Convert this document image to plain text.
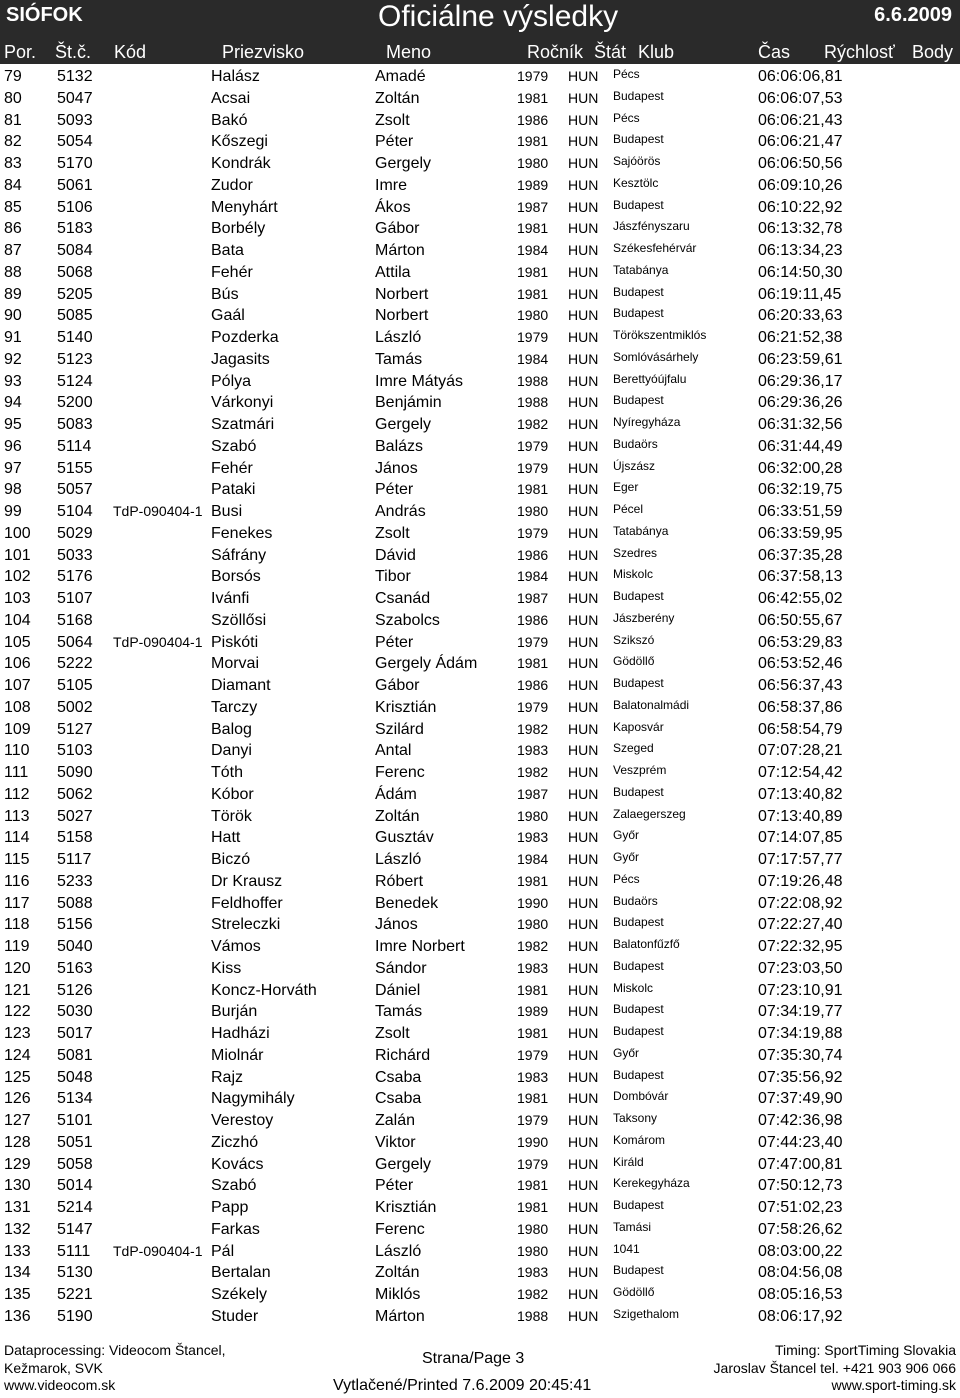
SIÓFOK	Oficiálne výsledky	6.6.2009
Por. Št.č. Kód	Priezvisko	Meno	Ročník Štát Klub	Čas Rýchlosť Body
79 5132	Halász	Amadé	1979 HUN Pécs	06:06:06,81
80 5047	Acsai	Zoltán	1981 HUN Budapest	06:06:07,53
81 5093	Bakó	Zsolt	1986 HUN Pécs	06:06:21,43
82 5054	Kőszegi	Péter	1981 HUN Budapest	06:06:21,47
83 5170	Kondrák	Gergely	1980 HUN Sajóörös	06:06:50,56
84 5061	Zudor	Imre	1989 HUN Kesztölc	06:09:10,26
85 5106	Menyhárt	Ákos	1987 HUN Budapest	06:10:22,92
86 5183	Borbély	Gábor	1981 HUN Jászfényszaru	06:13:32,78
87 5084	Bata	Márton	1984 HUN Székesfehérvár	06:13:34,23
88 5068	Fehér	Attila	1981 HUN Tatabánya	06:14:50,30
89 5205	Bús	Norbert	1981 HUN Budapest	06:19:11,45
90 5085	Gaál	Norbert	1980 HUN Budapest	06:20:33,63
91 5140	Pozderka	László	1979 HUN Törökszentmiklós	06:21:52,38
92 5123	Jagasits	Tamás	1984 HUN Somlóvásárhely	06:23:59,61
93 5124	Pólya	Imre Mátyás	1988 HUN Berettyóújfalu	06:29:36,17
94 5200	Várkonyi	Benjámin	1988 HUN Budapest	06:29:36,26
95 5083	Szatmári	Gergely	1982 HUN Nyíregyháza	06:31:32,56
96 5114	Szabó	Balázs	1979 HUN Budaörs	06:31:44,49
97 5155	Fehér	János	1979 HUN Újszász	06:32:00,28
98 5057	Pataki	Péter	1981 HUN Eger	06:32:19,75
99 5104 TdP-090404-1 Busi	András	1980 HUN Pécel	06:33:51,59
100 5029	Fenekes	Zsolt	1979 HUN Tatabánya	06:33:59,95
101 5033	Sáfrány	Dávid	1986 HUN Szedres	06:37:35,28
102 5176	Borsós	Tibor	1984 HUN Miskolc	06:37:58,13
103 5107	Ivánfi	Csanád	1987 HUN Budapest	06:42:55,02
104 5168	Szöllősi	Szabolcs	1986 HUN Jászberény	06:50:55,67
105 5064 TdP-090404-1 Piskóti	Péter	1979 HUN Szikszó	06:53:29,83
106 5222	Morvai	Gergely Ádám	1981 HUN Gödöllő	06:53:52,46
107 5105	Diamant	Gábor	1986 HUN Budapest	06:56:37,43
108 5002	Tarczy	Krisztián	1979 HUN Balatonalmádi	06:58:37,86
109 5127	Balog	Szilárd	1982 HUN Kaposvár	06:58:54,79
110 5103	Danyi	Antal	1983 HUN Szeged	07:07:28,21
111 5090	Tóth	Ferenc	1982 HUN Veszprém	07:12:54,42
112 5062	Kóbor	Ádám	1987 HUN Budapest	07:13:40,82
113 5027	Török	Zoltán	1980 HUN Zalaegerszeg	07:13:40,89
114 5158	Hatt	Gusztáv	1983 HUN Győr	07:14:07,85
115 5117	Biczó	László	1984 HUN Győr	07:17:57,77
116 5233	Dr Krausz	Róbert	1981 HUN Pécs	07:19:26,48
117 5088	Feldhoffer	Benedek	1990 HUN Budaörs	07:22:08,92
118 5156	Streleczki	János	1980 HUN Budapest	07:22:27,40
119 5040	Vámos	Imre Norbert	1982 HUN Balatonfűzfő	07:22:32,95
120 5163	Kiss	Sándor	1983 HUN Budapest	07:23:03,50
121 5126	Koncz-Horváth	Dániel	1981 HUN Miskolc	07:23:10,91
122 5030	Burján	Tamás	1989 HUN Budapest	07:34:19,77
123 5017	Hadházi	Zsolt	1981 HUN Budapest	07:34:19,88
124 5081	Miolnár	Richárd	1979 HUN Győr	07:35:30,74
125 5048	Rajz	Csaba	1983 HUN Budapest	07:35:56,92
126 5134	Nagymihály	Csaba	1981 HUN Dombóvár	07:37:49,90
127 5101	Verestoy	Zalán	1979 HUN Taksony	07:42:36,98
128 5051	Ziczhó	Viktor	1990 HUN Komárom	07:44:23,40
129 5058	Kovács	Gergely	1979 HUN Királd	07:47:00,81
130 5014	Szabó	Péter	1981 HUN Kerekegyháza	07:50:12,73
131 5214	Papp	Krisztián	1981 HUN Budapest	07:51:02,23
132 5147	Farkas	Ferenc	1980 HUN Tamási	07:58:26,62
133 5111 TdP-090404-1 Pál	László	1980 HUN 1041	08:03:00,22
134 5130	Bertalan	Zoltán	1983 HUN Budapest	08:04:56,08
135 5221	Székely	Miklós	1982 HUN Gödöllő	08:05:16,53
136 5190	Studer	Márton	1988 HUN Szigethalom	08:06:17,92
Dataprocessing: Videocom Štancel,
Kežmarok, SVK
www.videocom.sk
Strana/Page 3
Vytlačené/Printed 7.6.2009 20:45:41
Timing: SportTiming Slovakia
Jaroslav Štancel tel. +421 903 906 066
www.sport-timing.sk
